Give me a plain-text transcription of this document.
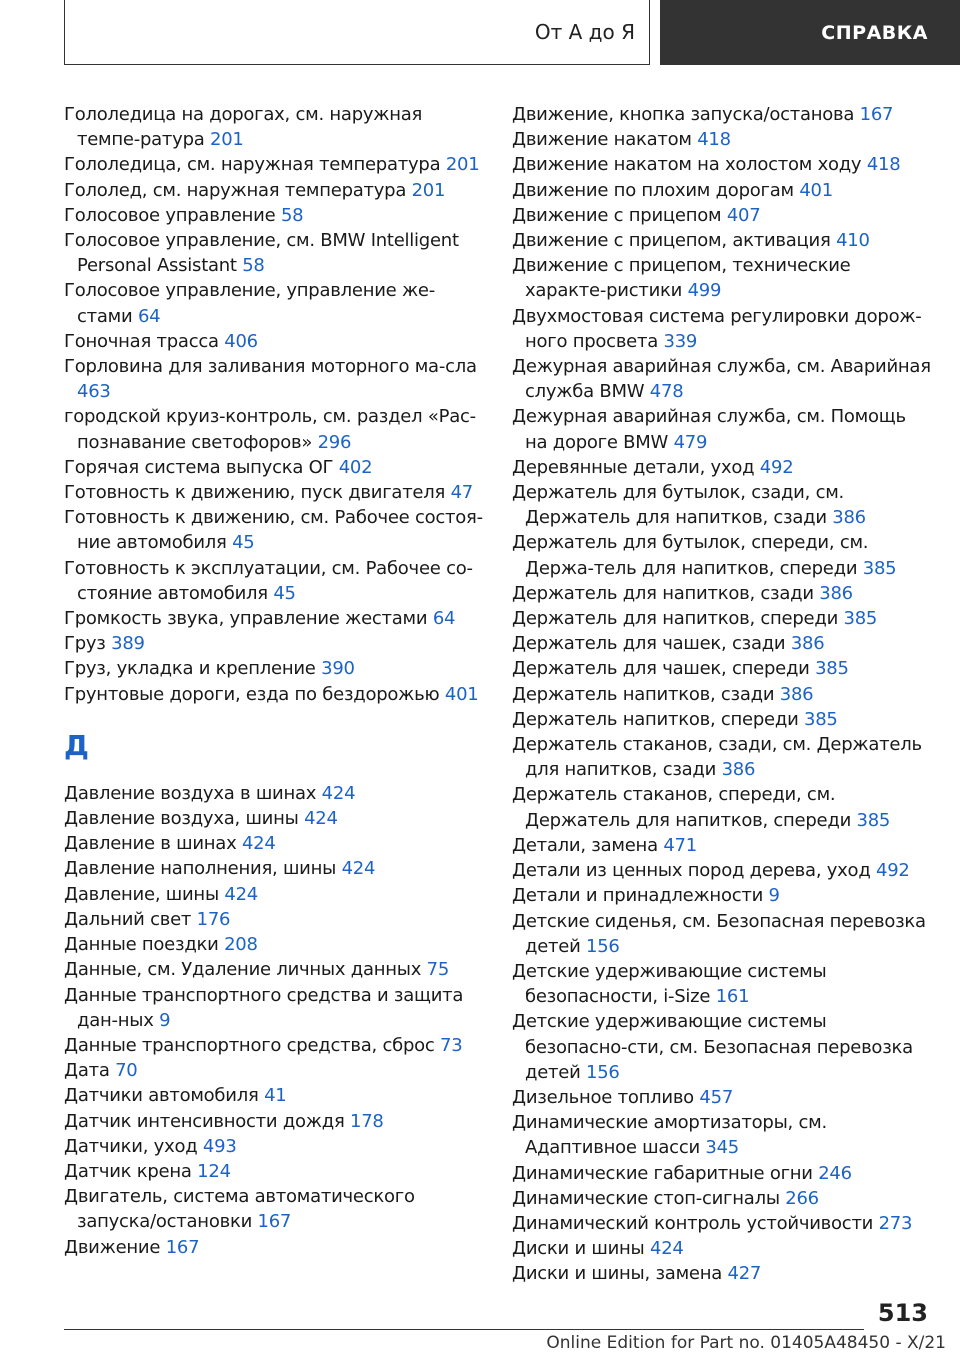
От А до Я	СПРАВКА
Гололедица на дорогах, см. наружная темпе-ратура 201
Гололедица, см. наружная температура 201
Гололед, см. наружная температура 201
Голосовое управление 58
Голосовое управление, см. BMW Intelligent Personal Assistant 58
Голосовое управление, управление же-стами 64
Гоночная трасса 406
Горловина для заливания моторного ма-сла 463
городской круиз-контроль, см. раздел «Рас-познавание светофоров» 296
Горячая система выпуска ОГ 402
Готовность к движению, пуск двигателя 47
Готовность к движению, см. Рабочее состоя-ние автомобиля 45
Готовность к эксплуатации, см. Рабочее со-стояние автомобиля 45
Громкость звука, управление жестами 64
Груз 389
Груз, укладка и крепление 390
Грунтовые дороги, езда по бездорожью 401
Д
Давление воздуха в шинах 424
Давление воздуха, шины 424
Давление в шинах 424
Давление наполнения, шины 424
Давление, шины 424
Дальний свет 176
Данные поездки 208
Данные, см. Удаление личных данных 75
Данные транспортного средства и защита дан-ных 9
Данные транспортного средства, сброс 73
Дата 70
Датчики автомобиля 41
Датчик интенсивности дождя 178
Датчики, уход 493
Датчик крена 124
Двигатель, система автоматического запуска/остановки 167
Движение 167
Движение, кнопка запуска/останова 167
Движение накатом 418
Движение накатом на холостом ходу 418
Движение по плохим дорогам 401
Движение с прицепом 407
Движение с прицепом, активация 410
Движение с прицепом, технические характе-ристики 499
Двухмостовая система регулировки дорож-ного просвета 339
Дежурная аварийная служба, см. Аварийная служба BMW 478
Дежурная аварийная служба, см. Помощь на дороге BMW 479
Деревянные детали, уход 492
Держатель для бутылок, сзади, см. Держатель для напитков, сзади 386
Держатель для бутылок, спереди, см. Держа-тель для напитков, спереди 385
Держатель для напитков, сзади 386
Держатель для напитков, спереди 385
Держатель для чашек, сзади 386
Держатель для чашек, спереди 385
Держатель напитков, сзади 386
Держатель напитков, спереди 385
Держатель стаканов, сзади, см. Держатель для напитков, сзади 386
Держатель стаканов, спереди, см. Держатель для напитков, спереди 385
Детали, замена 471
Детали из ценных пород дерева, уход 492
Детали и принадлежности 9
Детские сиденья, см. Безопасная перевозка детей 156
Детские удерживающие системы безопасности, i-Size 161
Детские удерживающие системы безопасно-сти, см. Безопасная перевозка детей 156
Дизельное топливо 457
Динамические амортизаторы, см. Адаптивное шасси 345
Динамические габаритные огни 246
Динамические стоп-сигналы 266
Динамический контроль устойчивости 273
Диски и шины 424
Диски и шины, замена 427
513
Online Edition for Part no. 01405A48450 - X/21
